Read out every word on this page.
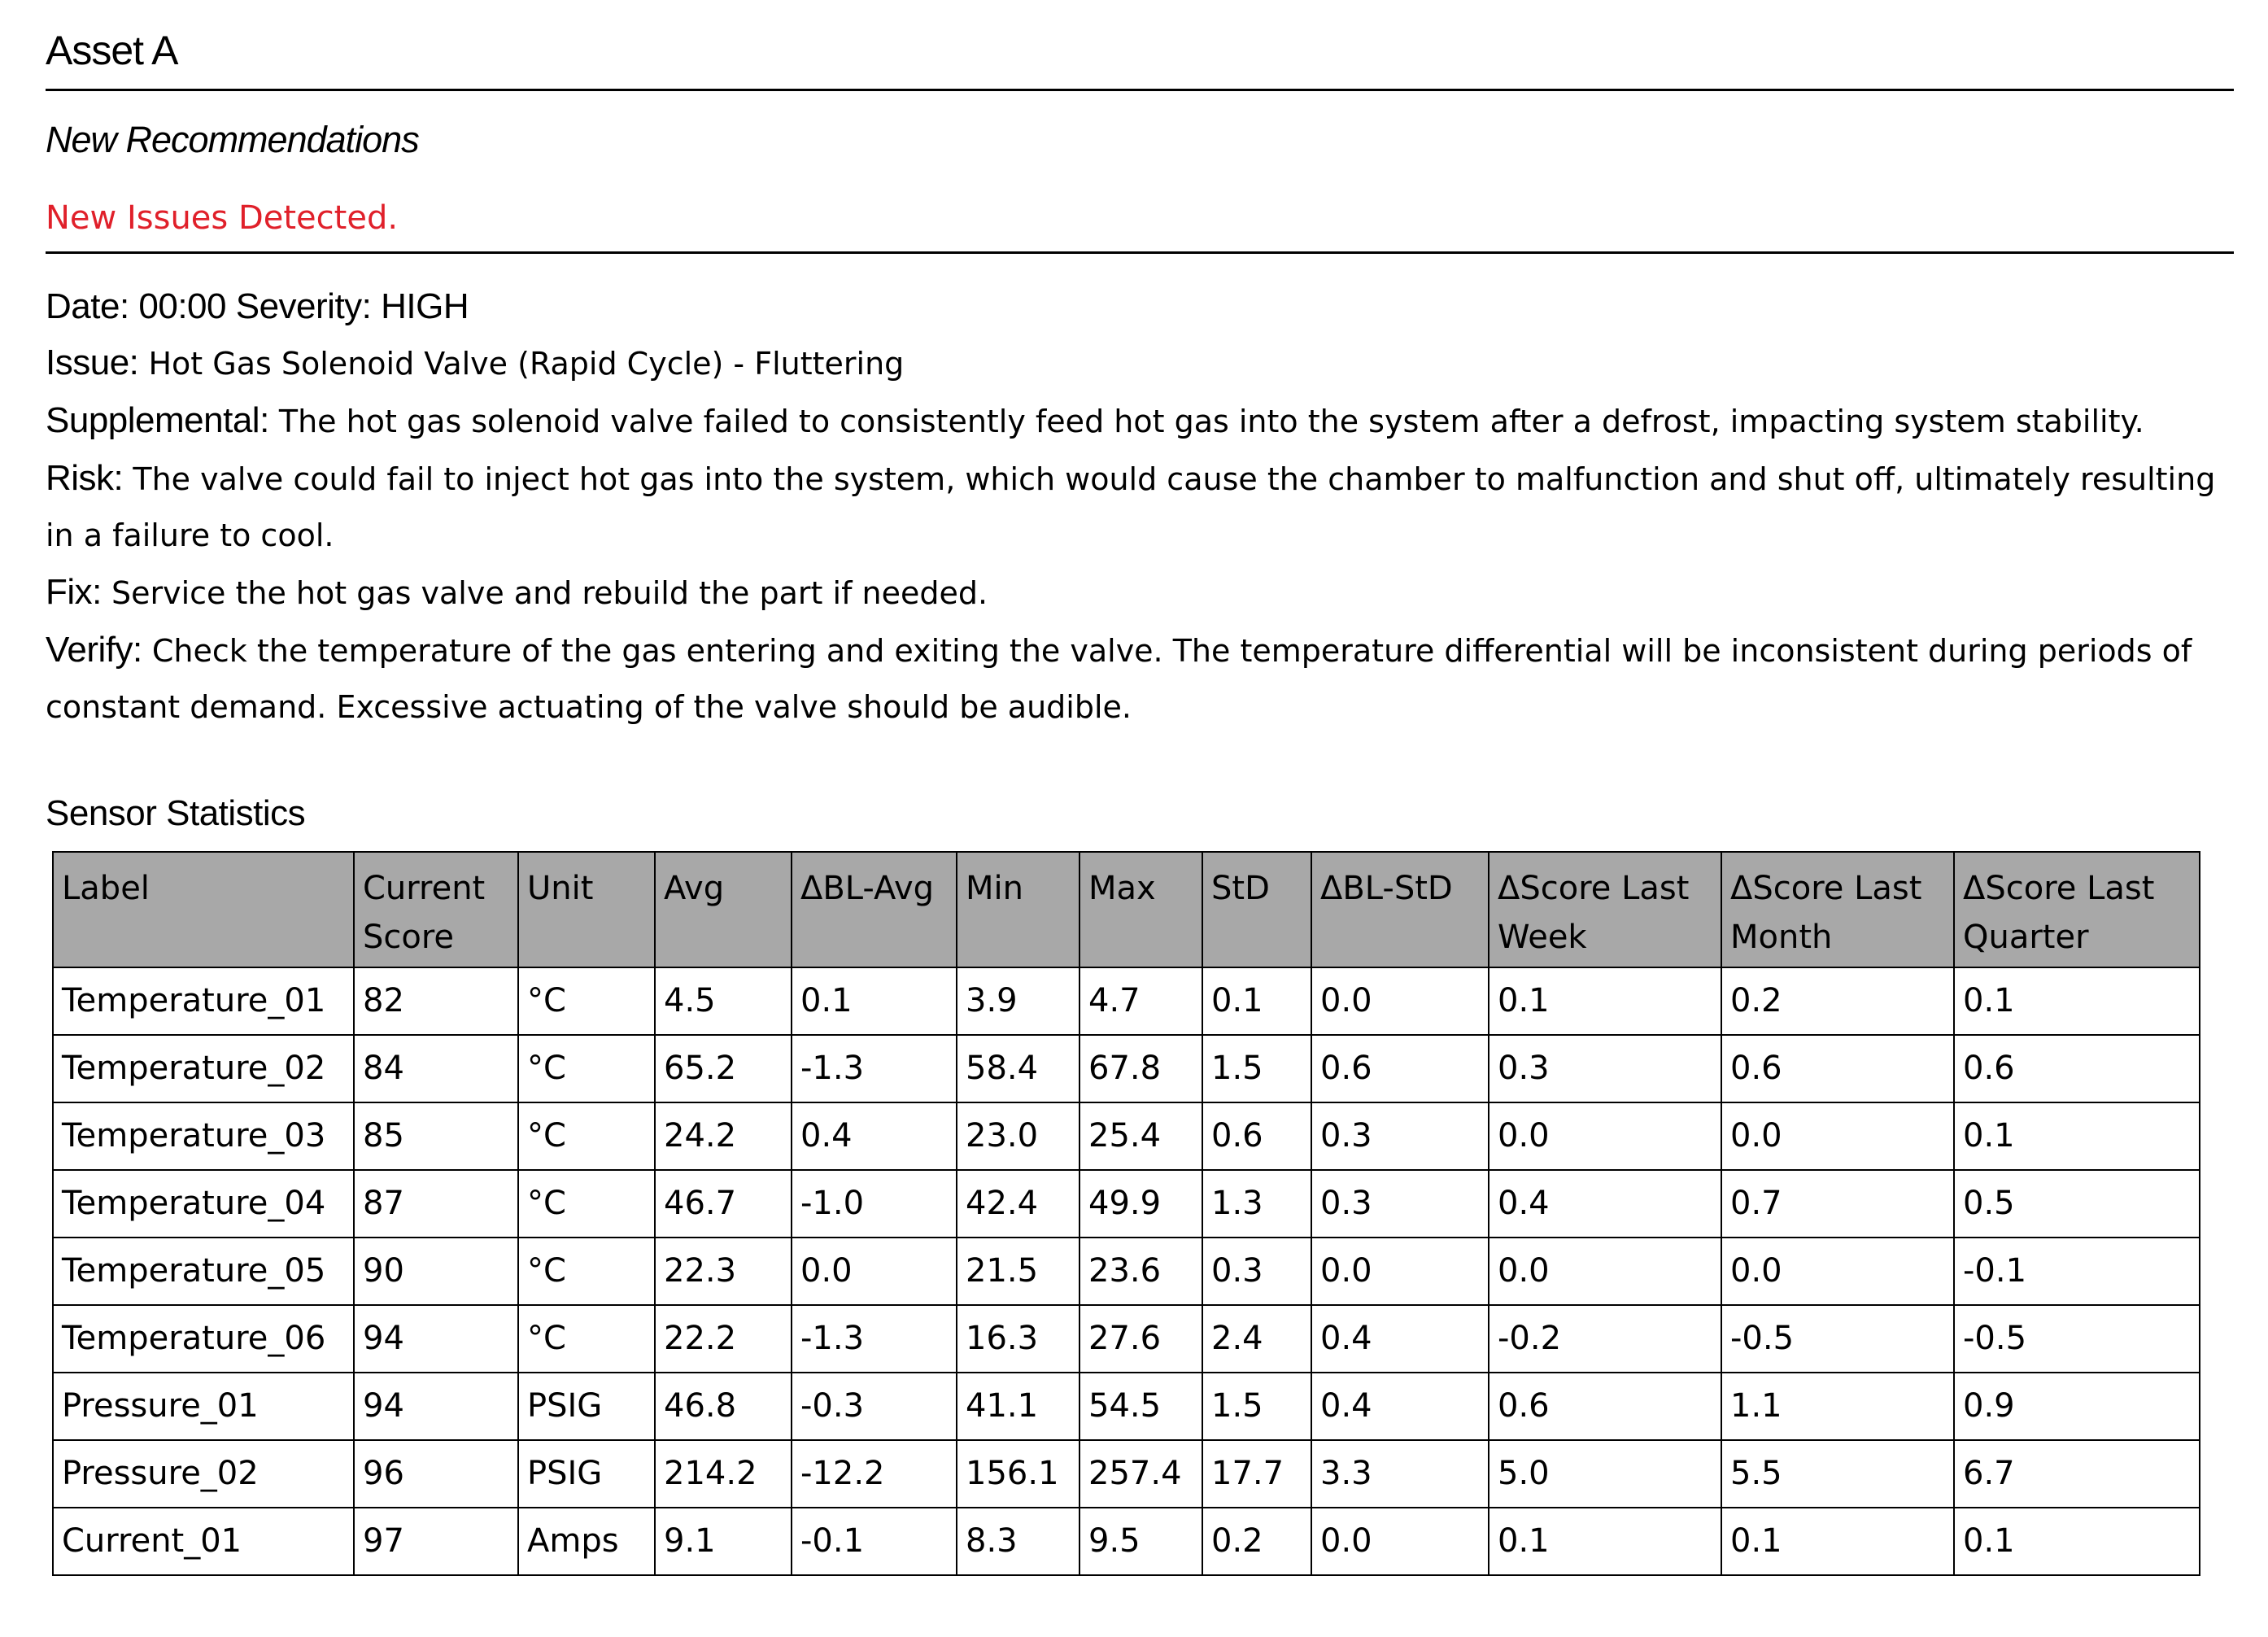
Asset A
New Recommendations
New Issues Detected.

Date: 00:00 Severity: HIGH

Issue: Hot Gas Solenoid Valve (Rapid Cycle) - Fluttering

Supplemental: The hot gas solenoid valve failed to consistently feed hot gas into the system after a defrost, impacting system stability.

Risk: The valve could fail to inject hot gas into the system, which would cause the chamber to malfunction and shut off, ultimately resulting in a failure to cool.

Fix: Service the hot gas valve and rebuild the part if needed.

Verify: Check the temperature of the gas entering and exiting the valve. The temperature differential will be inconsistent during periods of constant demand. Excessive actuating of the valve should be audible.

Sensor Statistics
Label	Current Score	Unit	Avg	ΔBL-Avg	Min	Max	StD	ΔBL-StD	ΔScore Last Week	ΔScore Last Month	ΔScore Last Quarter
Temperature_01	82	°C	4.5	0.1	3.9	4.7	0.1	0.0	0.1	0.2	0.1
Temperature_02	84	°C	65.2	-1.3	58.4	67.8	1.5	0.6	0.3	0.6	0.6
Temperature_03	85	°C	24.2	0.4	23.0	25.4	0.6	0.3	0.0	0.0	0.1
Temperature_04	87	°C	46.7	-1.0	42.4	49.9	1.3	0.3	0.4	0.7	0.5
Temperature_05	90	°C	22.3	0.0	21.5	23.6	0.3	0.0	0.0	0.0	-0.1
Temperature_06	94	°C	22.2	-1.3	16.3	27.6	2.4	0.4	-0.2	-0.5	-0.5
Pressure_01	94	PSIG	46.8	-0.3	41.1	54.5	1.5	0.4	0.6	1.1	0.9
Pressure_02	96	PSIG	214.2	-12.2	156.1	257.4	17.7	3.3	5.0	5.5	6.7
Current_01	97	Amps	9.1	-0.1	8.3	9.5	0.2	0.0	0.1	0.1	0.1
